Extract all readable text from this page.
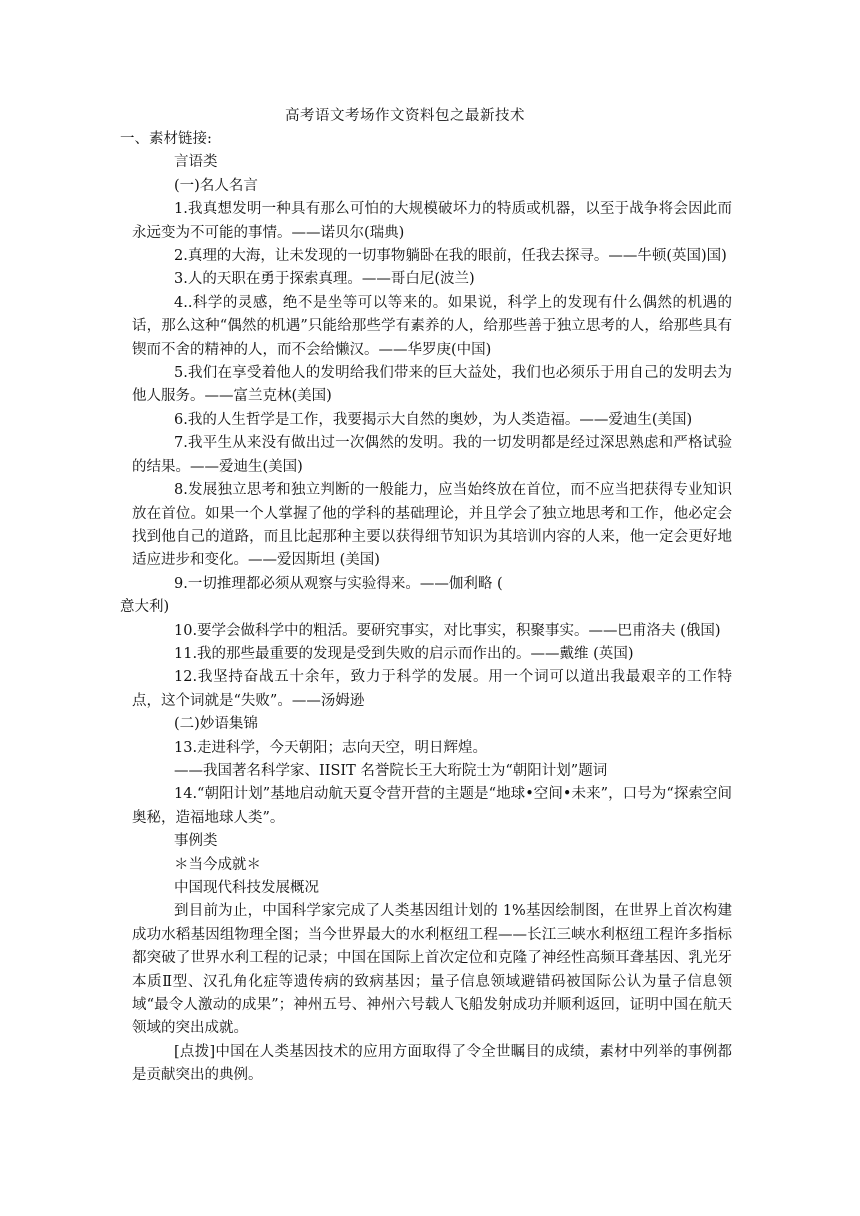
高考语文考场作文资料包之最新技术

一、素材链接:

言语类

(一)名人名言

1.我真想发明一种具有那么可怕的大规模破坏力的特质或机器，以至于战争将会因此而永远变为不可能的事情。——诺贝尔(瑞典)

2.真理的大海，让未发现的一切事物躺卧在我的眼前，任我去探寻。——牛顿(英国)国)

3.人的天职在勇于探索真理。——哥白尼(波兰)

4..科学的灵感，绝不是坐等可以等来的。如果说，科学上的发现有什么偶然的机遇的话，那么这种“偶然的机遇”只能给那些学有素养的人，给那些善于独立思考的人，给那些具有锲而不舍的精神的人，而不会给懒汉。——华罗庚(中国)

5.我们在享受着他人的发明给我们带来的巨大益处，我们也必须乐于用自己的发明去为他人服务。——富兰克林(美国)

6.我的人生哲学是工作，我要揭示大自然的奥妙，为人类造福。——爱迪生(美国)

7.我平生从来没有做出过一次偶然的发明。我的一切发明都是经过深思熟虑和严格试验的结果。——爱迪生(美国)

8.发展独立思考和独立判断的一般能力，应当始终放在首位，而不应当把获得专业知识放在首位。如果一个人掌握了他的学科的基础理论，并且学会了独立地思考和工作，他必定会找到他自己的道路，而且比起那种主要以获得细节知识为其培训内容的人来，他一定会更好地适应进步和变化。——爱因斯坦 (美国)

9.一切推理都必须从观察与实验得来。——伽利略 (

意大利)

10.要学会做科学中的粗活。要研究事实，对比事实，积聚事实。——巴甫洛夫 (俄国)

11.我的那些最重要的发现是受到失败的启示而作出的。——戴维 (英国)

12.我坚持奋战五十余年，致力于科学的发展。用一个词可以道出我最艰辛的工作特点，这个词就是“失败”。——汤姆逊

(二)妙语集锦

13.走进科学，今天朝阳；志向天空，明日辉煌。

——我国著名科学家、IISIT 名誉院长王大珩院士为“朝阳计划”题词

14.“朝阳计划”基地启动航天夏令营开营的主题是“地球•空间•未来”，口号为“探索空间奥秘，造福地球人类”。

事例类

＊当今成就＊

中国现代科技发展概况

到目前为止，中国科学家完成了人类基因组计划的 1%基因绘制图，在世界上首次构建成功水稻基因组物理全图；当今世界最大的水利枢纽工程——长江三峡水利枢纽工程许多指标都突破了世界水利工程的记录；中国在国际上首次定位和克隆了神经性高频耳聋基因、乳光牙本质Ⅱ型、汉孔角化症等遗传病的致病基因；量子信息领域避错码被国际公认为量子信息领域“最令人激动的成果”；神州五号、神州六号载人飞船发射成功并顺利返回，证明中国在航天领域的突出成就。

[点拨]中国在人类基因技术的应用方面取得了令全世瞩目的成绩，素材中列举的事例都是贡献突出的典例。
